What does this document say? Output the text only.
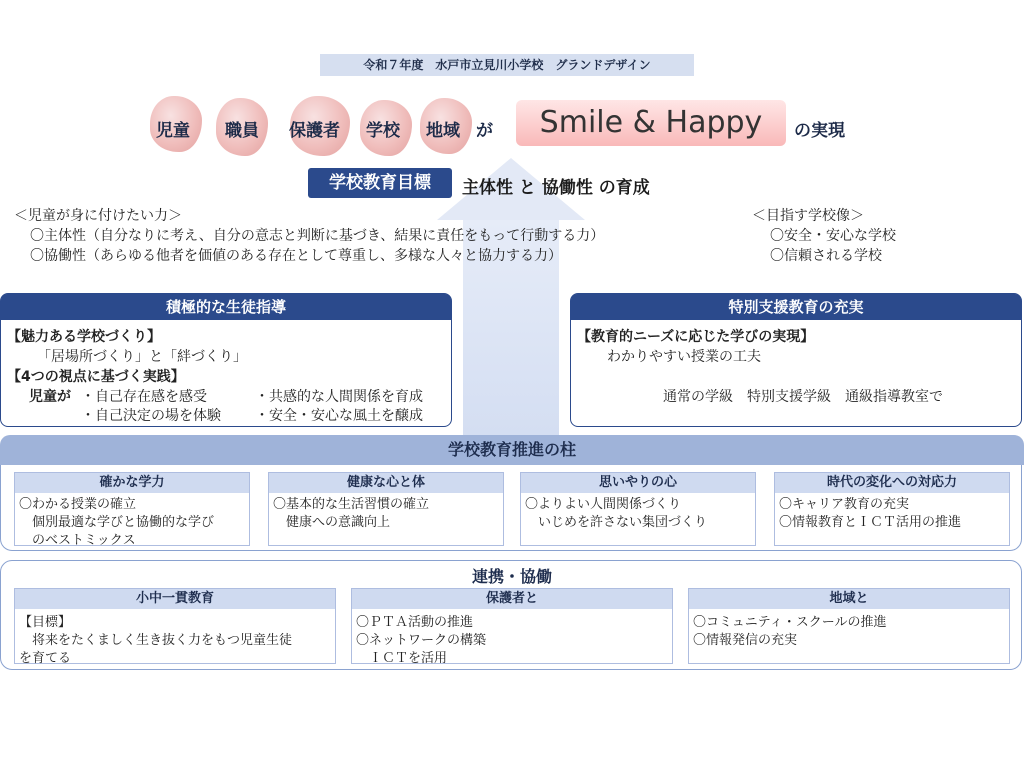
令和７年度　水戸市立見川小学校　グランドデザイン
児童 職員 保護者 学校 地域 が	Smile & Happy	の実現
学校教育目標	主体性 と 協働性 の育成
＜児童が身に付けたい力＞
〇主体性（自分なりに考え、自分の意志と判断に基づき、結果に責任をもって行動する力）
〇協働性（あらゆる他者を価値のある存在として尊重し、多様な人々と協力する力）
＜目指す学校像＞
〇安全・安心な学校
〇信頼される学校
積極的な生徒指導
【魅力ある学校づくり】
「居場所づくり」と「絆づくり」
【4つの視点に基づく実践】
児童が ・自己存在感を感受	・共感的な人間関係を育成
・自己決定の場を体験 ・安全・安心な風土を醸成
特別支援教育の充実
【教育的ニーズに応じた学びの実現】
わかりやすい授業の工夫
通常の学級　特別支援学級　通級指導教室で
学校教育推進の柱
確かな学力
〇わかる授業の確立
　個別最適な学びと協働的な学び
　のベストミックス
健康な心と体
〇基本的な生活習慣の確立
　健康への意識向上
思いやりの心
〇よりよい人間関係づくり
　いじめを許さない集団づくり
時代の変化への対応力
〇キャリア教育の充実
〇情報教育とＩＣＴ活用の推進
連携・協働
小中一貫教育
【目標】
　将来をたくましく生き抜く力をもつ児童生徒
を育てる
保護者と
〇ＰＴＡ活動の推進
〇ネットワークの構築
　ＩＣＴを活用
地域と
〇コミュニティ・スクールの推進
〇情報発信の充実
